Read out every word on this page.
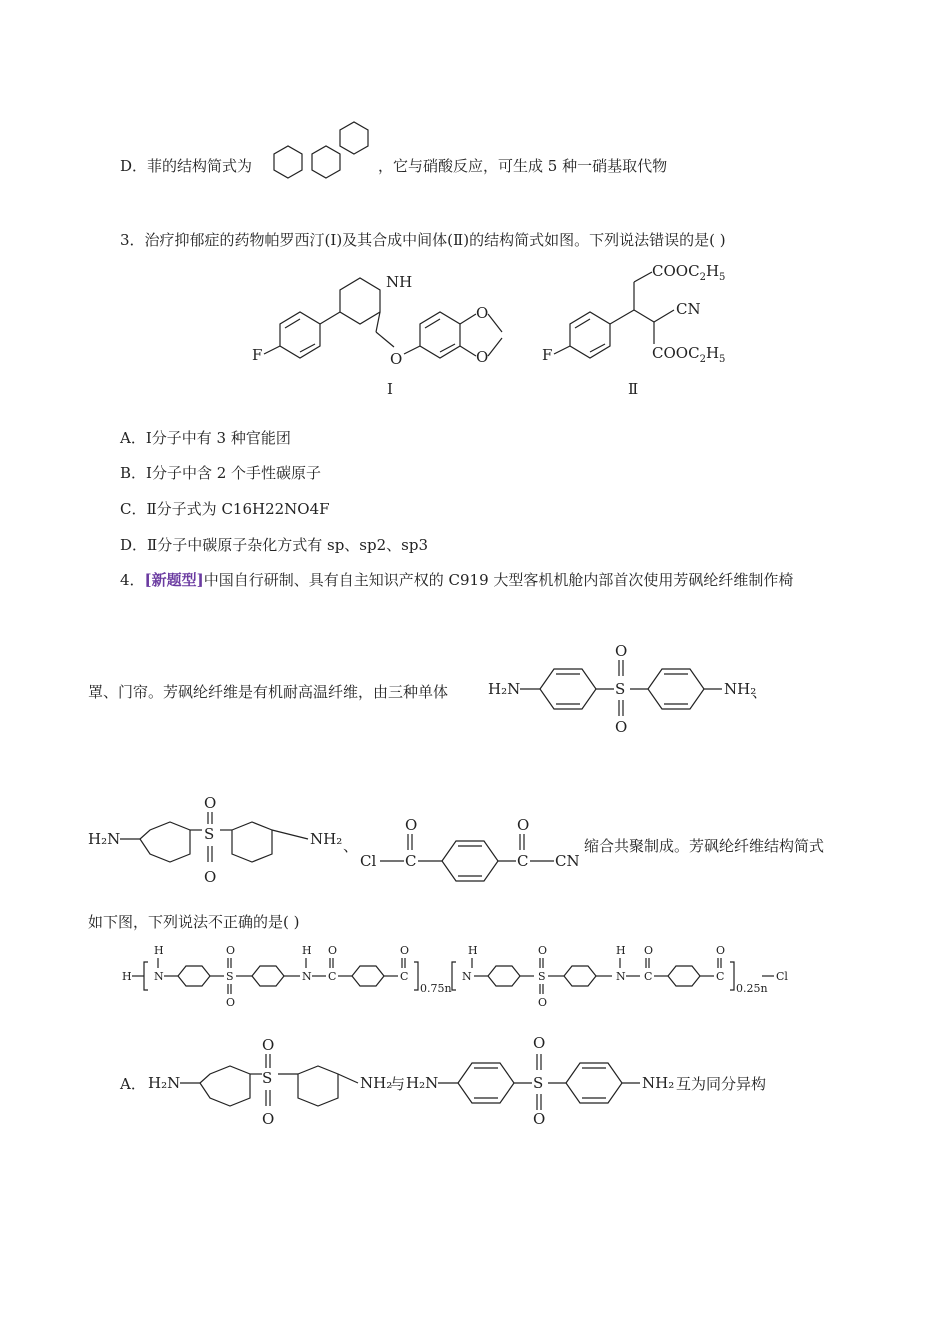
D．菲的结构简式为	，它与硝酸反应，可生成 5 种一硝基取代物
3．治疗抑郁症的药物帕罗西汀(Ⅰ)及其合成中间体(Ⅱ)的结构简式如图。下列说法错误的是( )
F
NH
O
O
O
Ⅰ
F
$COOC_2H_5$
CN
$COOC_2H_5$
Ⅱ
A．Ⅰ分子中有 3 种官能团
B．Ⅰ分子中含 2 个手性碳原子
C．Ⅱ分子式为 C16H22NO4F
D．Ⅱ分子中碳原子杂化方式有 sp、sp2、sp3
4．[新题型]中国自行研制、具有自主知识产权的 C919 大型客机机舱内部首次使用芳砜纶纤维制作椅
罩、门帘。芳砜纶纤维是有机耐高温纤维，由三种单体	H₂N	S
O
O
NH₂
、
H₂N	S
O
O
NH₂ 、
Cl C
O
C
O
CN
缩合共聚制成。芳砜纶纤维结构简式
如下图，下列说法不正确的是( )
H N
H
S
O
O
N
H
C
O
C
O
0.75n
N
H
S
O
O
N
H
C
O
C
O
0.25n
Cl
A． H₂N	S
O
O
NH₂
与 H₂N	S
O
O
NH₂ 互为同分异构
